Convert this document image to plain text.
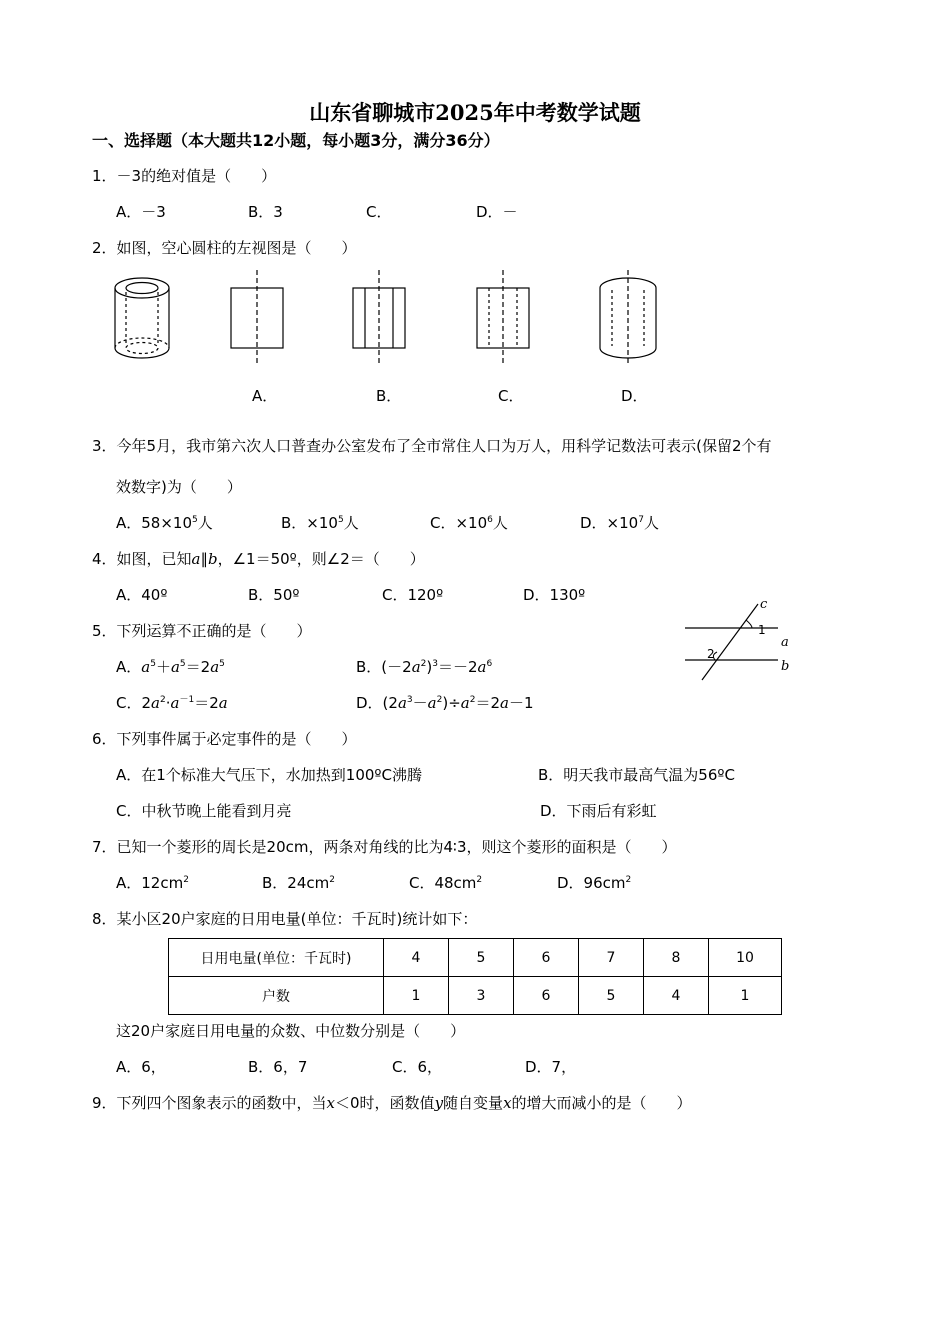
山东省聊城市2025年中考数学试题
一、选择题（本大题共12小题，每小题3分，满分36分）
1．－3的绝对值是（　　）
A．－3	B．3	C．	D．－
2．如图，空心圆柱的左视图是（　　）
A．	B．	C．	D．
3．今年5月，我市第六次人口普查办公室发布了全市常住人口为万人，用科学记数法可表示(保留2个有
效数字)为（　　）
A．$58\times 10^5$人	B．$\times 10^5$人	C．$\times 10^6$人	D．$\times 10^7$人
4．如图，已知a∥b，∠1＝50º，则∠2＝（　　）
A．40º	B．50º	C．120º	D．130º
c
a
b
1
2
5．下列运算不正确的是（　　）
A．$a^5+a^5=2a^5$	B．$(-2a^2)^3=-2a^6$
C．$2a^2\cdot a^{-1}=2a$	D．$(2a^3-a^2)\div a^2=2a-1$
6．下列事件属于必定事件的是（　　）
A．在1个标准大气压下，水加热到100ºC沸腾	B．明天我市最高气温为56ºC
C．中秋节晚上能看到月亮	D．下雨后有彩虹
7．已知一个菱形的周长是20cm，两条对角线的比为4∶3，则这个菱形的面积是（　　）
A．$12cm^2$	B．$24cm^2$	C．$48cm^2$	D．$96cm^2$
8．某小区20户家庭的日用电量(单位：千瓦时)统计如下：
日用电量(单位：千瓦时)	4	5	6	7	8	10
户数	1	3	6	5	4	1
这20户家庭日用电量的众数、中位数分别是（　　）
A．6，	B．6，7	C．6，	D．7，
9．下列四个图象表示的函数中，当x＜0时，函数值y随自变量x的增大而减小的是（　　）
